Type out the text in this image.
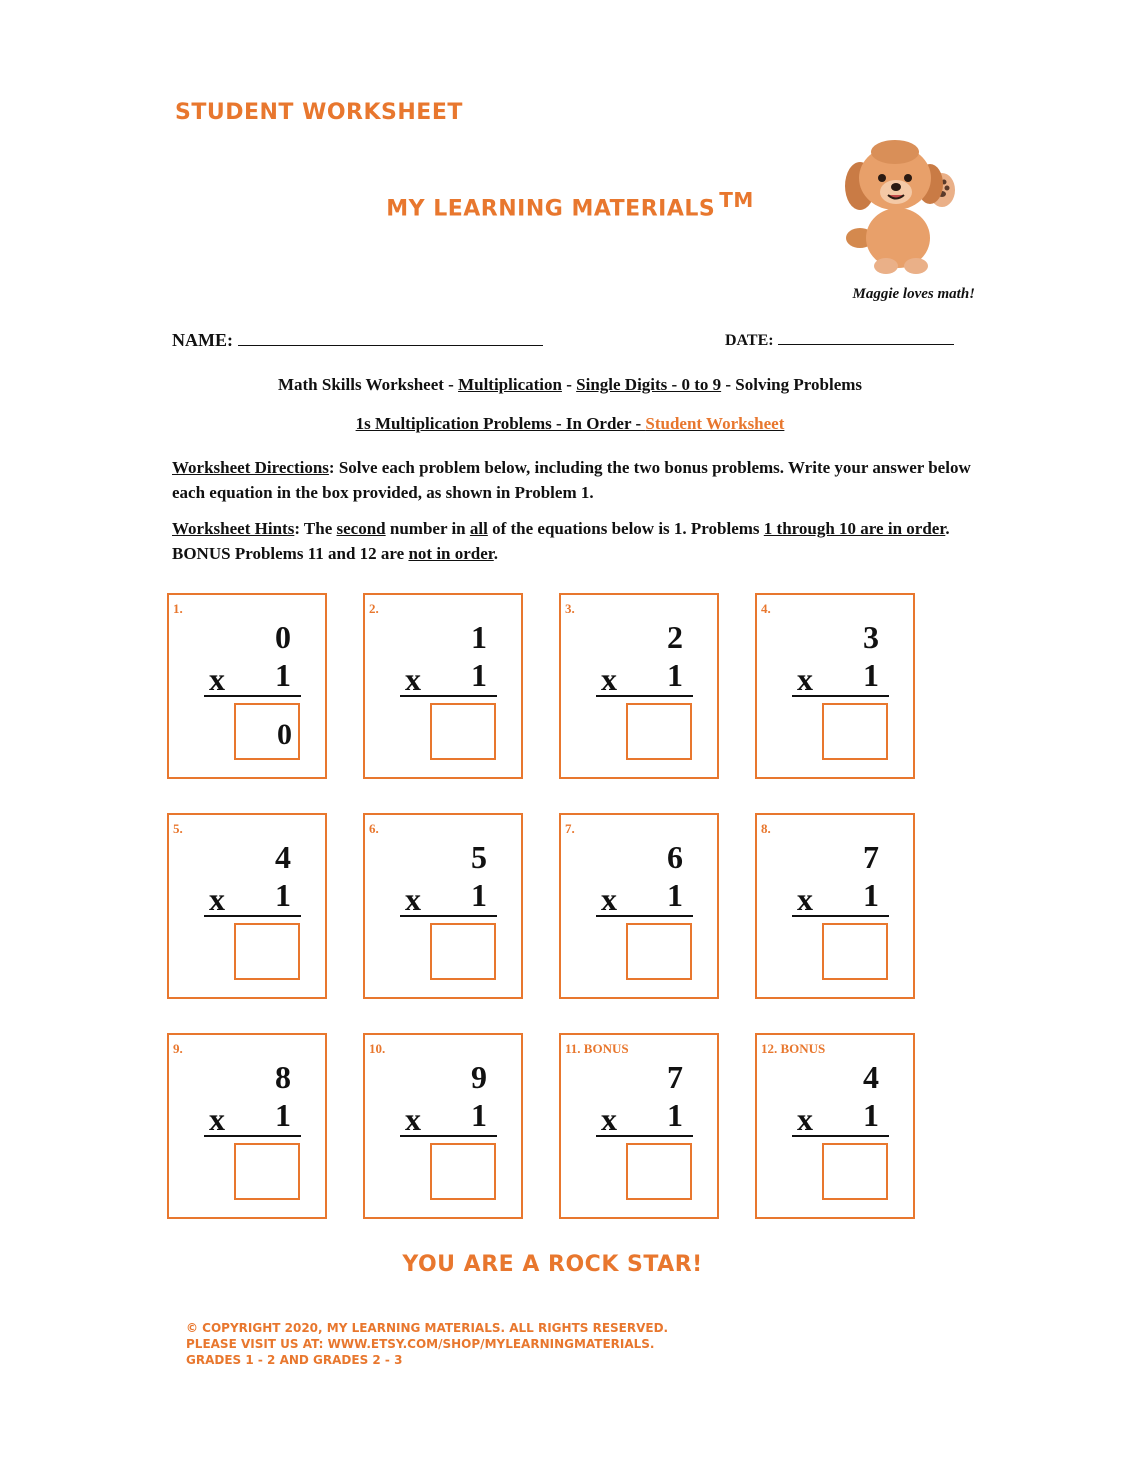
STUDENT WORKSHEET
MY LEARNING MATERIALS TM
Maggie loves math!
NAME:	DATE:
Math Skills Worksheet - Multiplication - Single Digits - 0 to 9 - Solving Problems
1s Multiplication Problems - In Order - Student Worksheet
Worksheet Directions: Solve each problem below, including the two bonus problems. Write your answer below each equation in the box provided, as shown in Problem 1.
Worksheet Hints: The second number in all of the equations below is 1. Problems 1 through 10 are in order. BONUS Problems 11 and 12 are not in order.
1.
0
x 1
0
2.
1
x 1
3.
2
x 1
4.
3
x 1
5.
4
x 1
6.
5
x 1
7.
6
x 1
8.
7
x 1
9.
8
x 1
10.
9
x 1
11. BONUS
7
x 1
12. BONUS
4
x 1
YOU ARE A ROCK STAR!
© COPYRIGHT 2020, MY LEARNING MATERIALS. ALL RIGHTS RESERVED.
PLEASE VISIT US AT: WWW.ETSY.COM/SHOP/MYLEARNINGMATERIALS.
GRADES 1 - 2 AND GRADES 2 - 3
